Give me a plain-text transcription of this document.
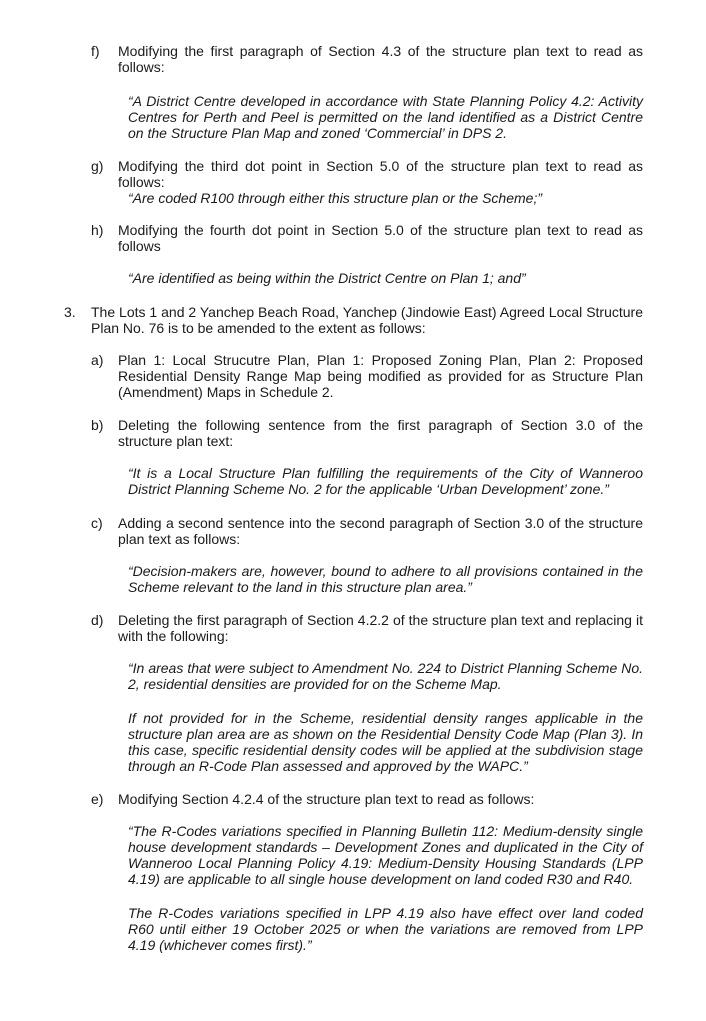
f) Modifying the first paragraph of Section 4.3 of the structure plan text to read as follows:

“A District Centre developed in accordance with State Planning Policy 4.2: Activity Centres for Perth and Peel is permitted on the land identified as a District Centre on the Structure Plan Map and zoned ‘Commercial’ in DPS 2.

g) Modifying the third dot point in Section 5.0 of the structure plan text to read as follows:

“Are coded R100 through either this structure plan or the Scheme;”

h) Modifying the fourth dot point in Section 5.0 of the structure plan text to read as follows

“Are identified as being within the District Centre on Plan 1; and”

3. The Lots 1 and 2 Yanchep Beach Road, Yanchep (Jindowie East) Agreed Local Structure Plan No. 76 is to be amended to the extent as follows:
a) Plan 1: Local Strucutre Plan, Plan 1: Proposed Zoning Plan, Plan 2: Proposed Residential Density Range Map being modified as provided for as Structure Plan (Amendment) Maps in Schedule 2.
b) Deleting the following sentence from the first paragraph of Section 3.0 of the structure plan text:

“It is a Local Structure Plan fulfilling the requirements of the City of Wanneroo District Planning Scheme No. 2 for the applicable ‘Urban Development’ zone.”

c) Adding a second sentence into the second paragraph of Section 3.0 of the structure plan text as follows:

“Decision-makers are, however, bound to adhere to all provisions contained in the Scheme relevant to the land in this structure plan area.”

d) Deleting the first paragraph of Section 4.2.2 of the structure plan text and replacing it with the following:

“In areas that were subject to Amendment No. 224 to District Planning Scheme No. 2, residential densities are provided for on the Scheme Map.

If not provided for in the Scheme, residential density ranges applicable in the structure plan area are as shown on the Residential Density Code Map (Plan 3). In this case, specific residential density codes will be applied at the subdivision stage through an R-Code Plan assessed and approved by the WAPC.”

e) Modifying Section 4.2.4 of the structure plan text to read as follows:

“The R-Codes variations specified in Planning Bulletin 112: Medium-density single house development standards – Development Zones and duplicated in the City of Wanneroo Local Planning Policy 4.19: Medium-Density Housing Standards (LPP 4.19) are applicable to all single house development on land coded R30 and R40.

The R-Codes variations specified in LPP 4.19 also have effect over land coded R60 until either 19 October 2025 or when the variations are removed from LPP 4.19 (whichever comes first).”
